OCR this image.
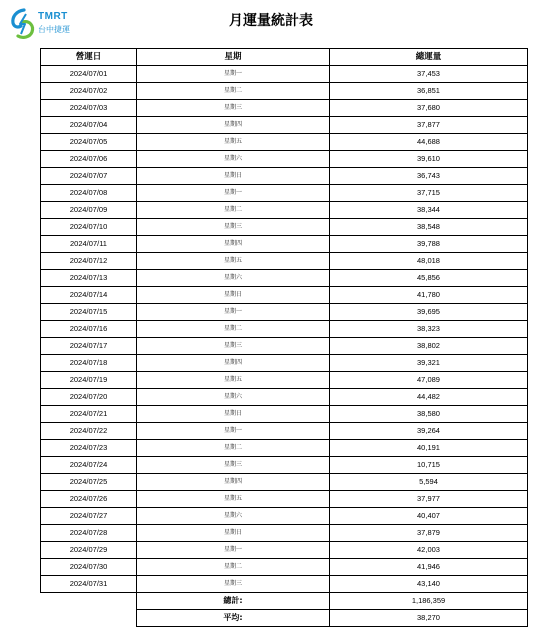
TMRT
台中捷運
月運量統計表
營運日	星期	總運量
2024/07/01	星期一	37,453
2024/07/02	星期二	36,851
2024/07/03	星期三	37,680
2024/07/04	星期四	37,877
2024/07/05	星期五	44,688
2024/07/06	星期六	39,610
2024/07/07	星期日	36,743
2024/07/08	星期一	37,715
2024/07/09	星期二	38,344
2024/07/10	星期三	38,548
2024/07/11	星期四	39,788
2024/07/12	星期五	48,018
2024/07/13	星期六	45,856
2024/07/14	星期日	41,780
2024/07/15	星期一	39,695
2024/07/16	星期二	38,323
2024/07/17	星期三	38,802
2024/07/18	星期四	39,321
2024/07/19	星期五	47,089
2024/07/20	星期六	44,482
2024/07/21	星期日	38,580
2024/07/22	星期一	39,264
2024/07/23	星期二	40,191
2024/07/24	星期三	10,715
2024/07/25	星期四	5,594
2024/07/26	星期五	37,977
2024/07/27	星期六	40,407
2024/07/28	星期日	37,879
2024/07/29	星期一	42,003
2024/07/30	星期二	41,946
2024/07/31	星期三	43,140
	總計:	1,186,359
	平均:	38,270
